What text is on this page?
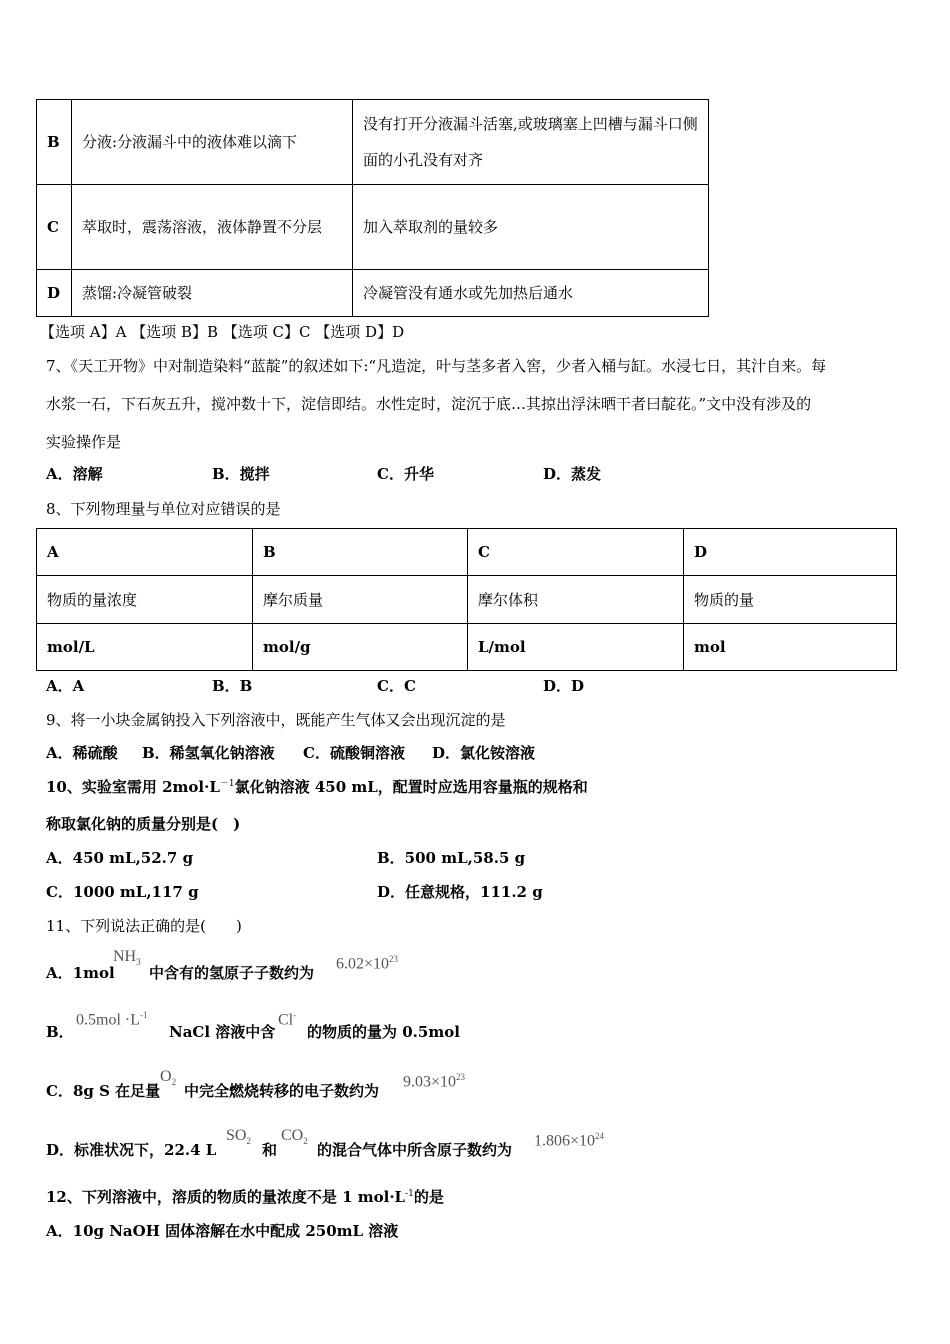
B	分液:分液漏斗中的液体难以滴下	没有打开分液漏斗活塞,或玻璃塞上凹槽与漏斗口侧面的小孔没有对齐
C	萃取时，震荡溶液，液体静置不分层	加入萃取剂的量较多
D	蒸馏:冷凝管破裂	冷凝管没有通水或先加热后通水
【选项 A】A 【选项 B】B 【选项 C】C 【选项 D】D
7、《天工开物》中对制造染料“蓝靛”的叙述如下:“凡造淀，叶与茎多者入窖，少者入桶与缸。水浸七日，其汁自来。每
水浆一石，下石灰五升，搅冲数十下，淀信即结。水性定时，淀沉于底…其掠出浮沫晒干者曰靛花。”文中没有涉及的
实验操作是
A．溶解	B．搅拌	C．升华	D．蒸发
8、下列物理量与单位对应错误的是
A	B	C	D
物质的量浓度	摩尔质量	摩尔体积	物质的量
mol/L	mol/g	L/mol	mol
A．A	B．B	C．C	D．D
9、将一小块金属钠投入下列溶液中，既能产生气体又会出现沉淀的是
A．稀硫酸 B．稀氢氧化钠溶液 C．硫酸铜溶液 D．氯化铵溶液
10、实验室需用 $2mol\cdot L^{-1}$氯化钠溶液 450 mL，配置时应选用容量瓶的规格和
称取氯化钠的质量分别是(　)
A．450 mL,52.7 g	B．500 mL,58.5 g
C．1000 mL,117 g	D．任意规格，111.2 g
11、下列说法正确的是(　　)
A．1mol
$NH_3$
中含有的氢原子子数约为
$6.02\times 10^{23}$
B．
$0.5mol \cdot L^{-1}$
NaCl 溶液中含
Cl-
的物质的量为 0.5mol
C．8g S 在足量
$O_2$ 中完全燃烧转移的电子数约为
$9.03\times 10^{23}$
D．标准状况下，22.4 L
$SO_2$ 和
$CO_2$ 的混合气体中所含原子数约为
$1.806\times 10^{24}$
12、下列溶液中，溶质的物质的量浓度不是 1 $mol\cdot L^{-1}$的是
A．10g NaOH 固体溶解在水中配成 250mL 溶液
